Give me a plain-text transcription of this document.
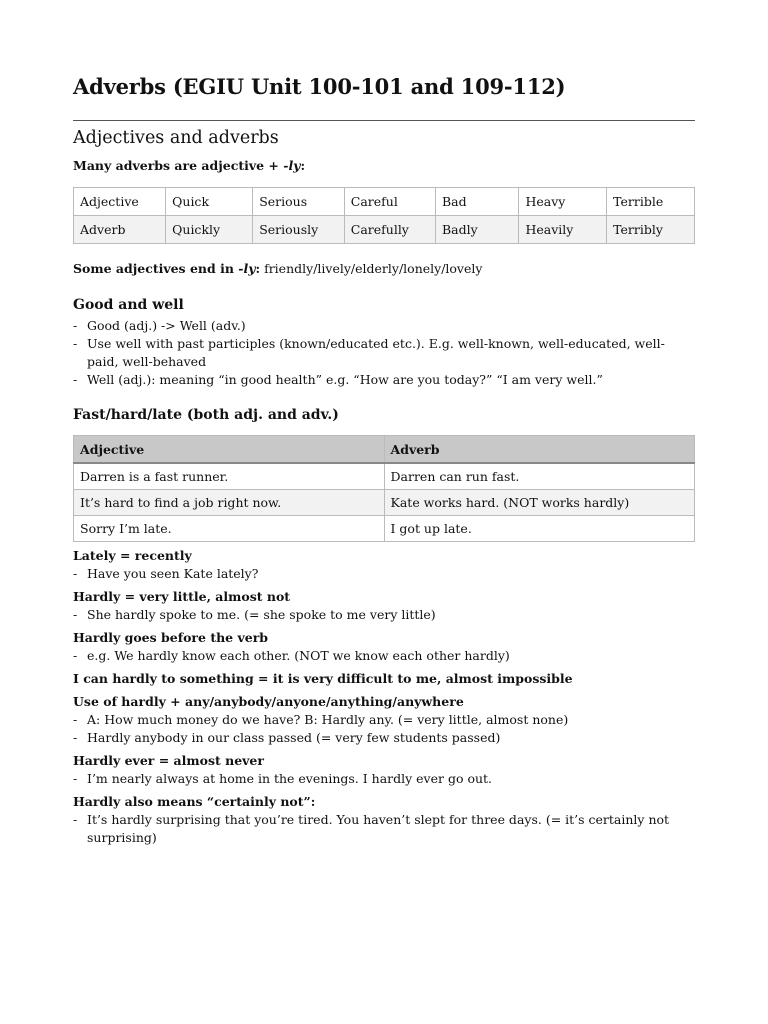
Adverbs (EGIU Unit 100-101 and 109-112)
Adjectives and adverbs
Many adverbs are adjective + -ly:
Adjective	Quick	Serious	Careful	Bad	Heavy	Terrible
Adverb	Quickly	Seriously	Carefully	Badly	Heavily	Terribly
Some adjectives end in -ly: friendly/lively/elderly/lonely/lovely
Good and well
- Good (adj.) -> Well (adv.)
- Use well with past participles (known/educated etc.). E.g. well-known, well-educated, well-paid, well-behaved
- Well (adj.): meaning “in good health” e.g. “How are you today?” “I am very well.”
Fast/hard/late (both adj. and adv.)
Adjective	Adverb
Darren is a fast runner.	Darren can run fast.
It’s hard to find a job right now.	Kate works hard. (NOT works hardly)
Sorry I’m late.	I got up late.
Lately = recently
- Have you seen Kate lately?
Hardly = very little, almost not
- She hardly spoke to me. (= she spoke to me very little)
Hardly goes before the verb
- e.g. We hardly know each other. (NOT we know each other hardly)
I can hardly to something = it is very difficult to me, almost impossible
Use of hardly + any/anybody/anyone/anything/anywhere
- A: How much money do we have? B: Hardly any. (= very little, almost none)
- Hardly anybody in our class passed (= very few students passed)
Hardly ever = almost never
- I’m nearly always at home in the evenings. I hardly ever go out.
Hardly also means “certainly not”:
- It’s hardly surprising that you’re tired. You haven’t slept for three days. (= it’s certainly not surprising)
